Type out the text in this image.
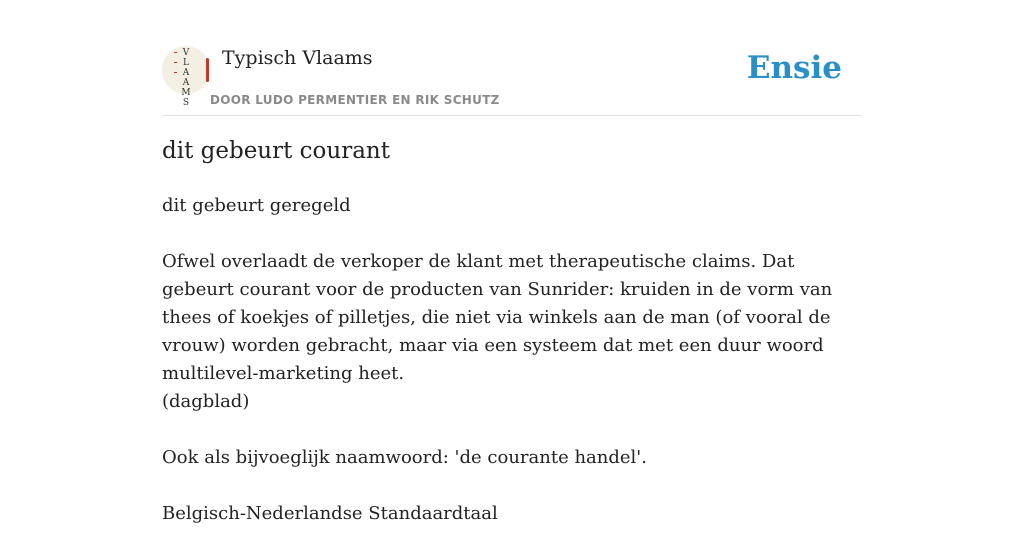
V
L
A
A
M
S
Typisch Vlaams
DOOR LUDO PERMENTIER EN RIK SCHUTZ
Ensie
dit gebeurt courant

dit gebeurt geregeld

Ofwel overlaadt de verkoper de klant met therapeutische claims. Dat gebeurt courant voor de producten van Sunrider: kruiden in de vorm van thees of koekjes of pilletjes, die niet via winkels aan de man (of vooral de vrouw) worden gebracht, maar via een systeem dat met een duur woord multilevel-marketing heet.

(dagblad)

Ook als bijvoeglijk naamwoord: 'de courante handel'.

Belgisch-Nederlandse Standaardtaal
